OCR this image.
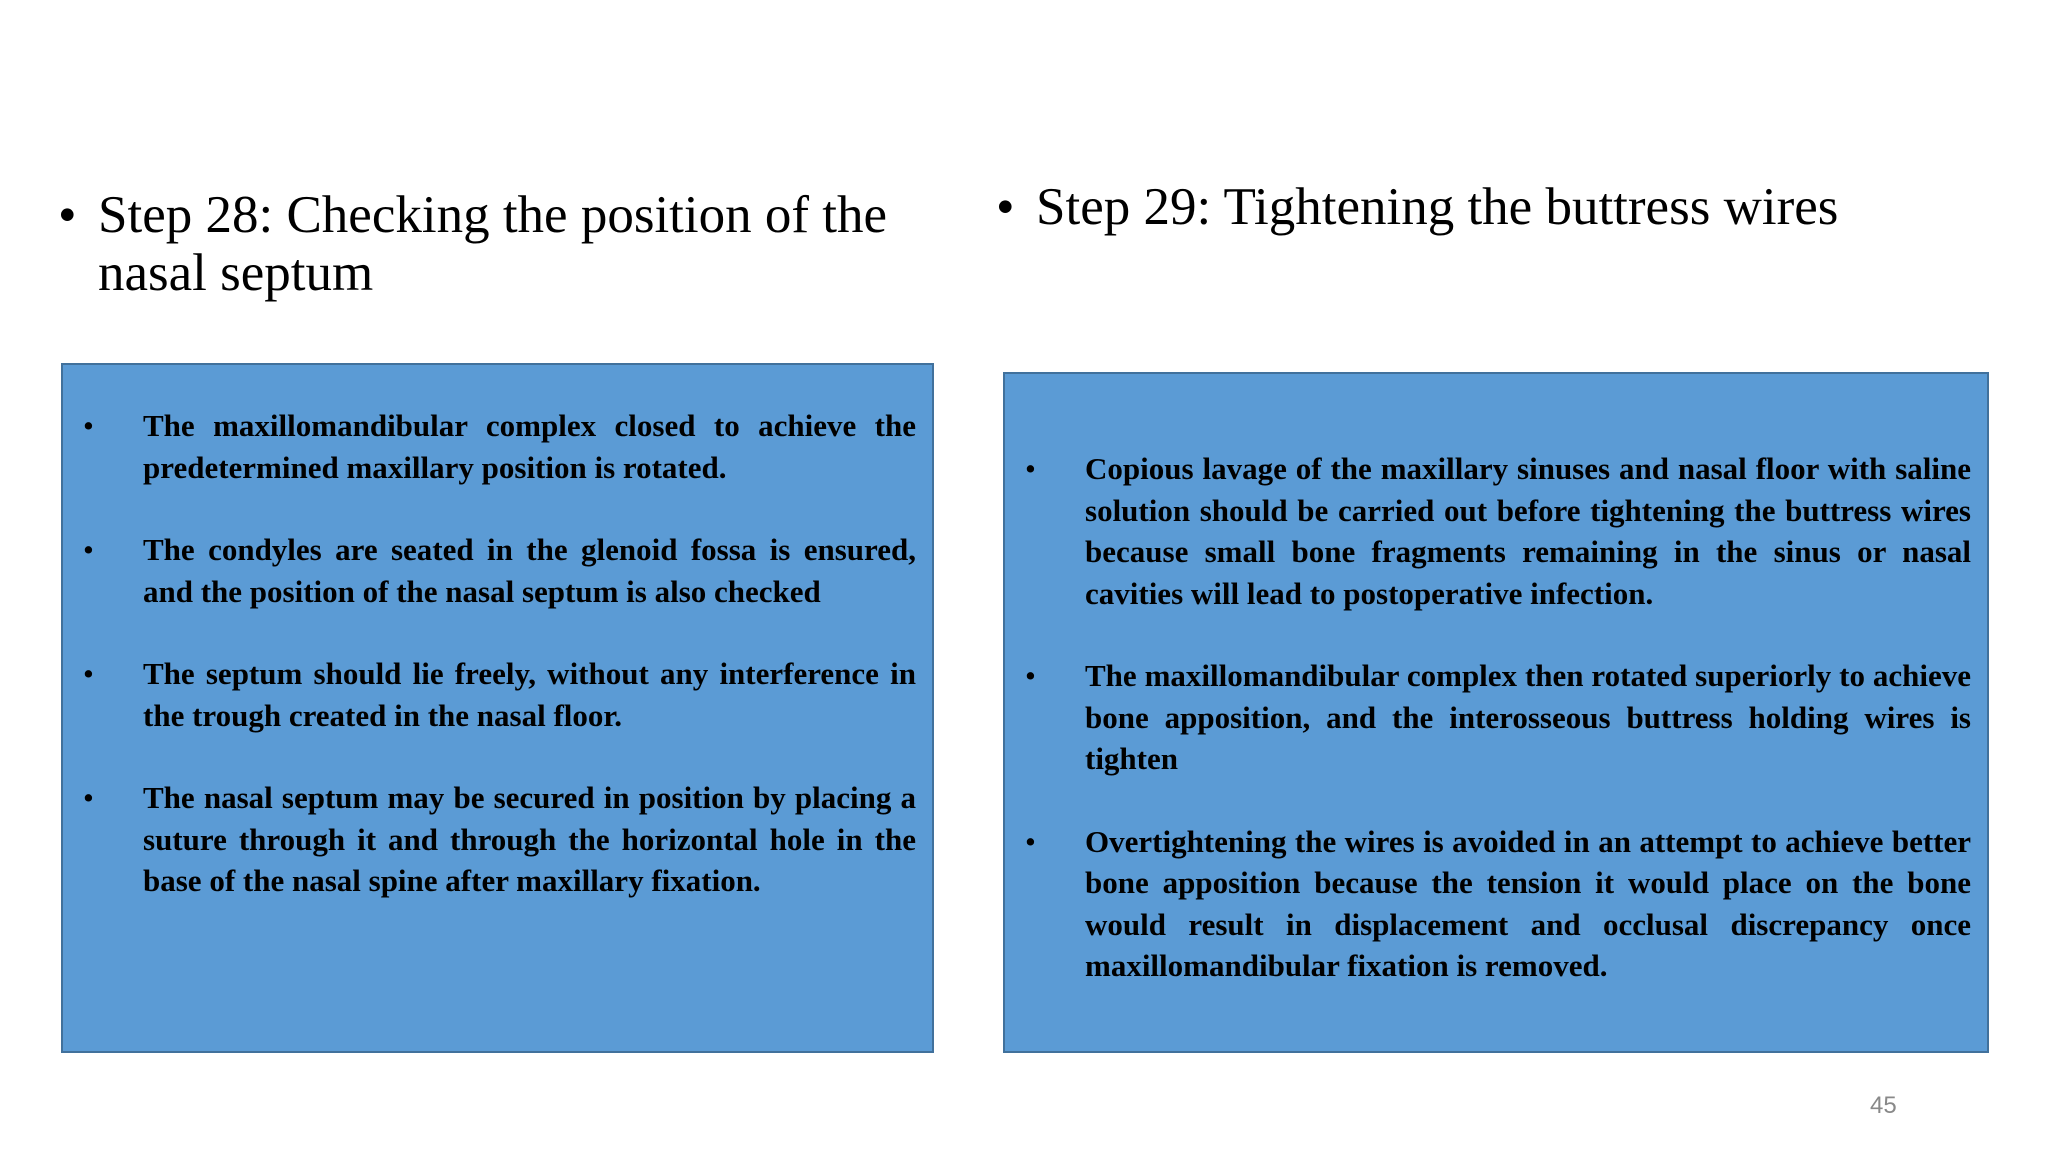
• Step 28: Checking the position of the nasal septum
• Step 29: Tightening the buttress wires
• The maxillomandibular complex closed to achieve the predetermined maxillary position is rotated.
• The condyles are seated in the glenoid fossa is ensured, and the position of the nasal septum is also checked
• The septum should lie freely, without any interference in the trough created in the nasal floor.
• The nasal septum may be secured in position by placing a suture through it and through the horizontal hole in the base of the nasal spine after maxillary fixation.
• Copious lavage of the maxillary sinuses and nasal floor with saline solution should be carried out before tightening the buttress wires because small bone fragments remaining in the sinus or nasal cavities will lead to postoperative infection.
• The maxillomandibular complex then rotated superiorly to achieve bone apposition, and the interosseous buttress holding wires is tighten
• Overtightening the wires is avoided in an attempt to achieve better bone apposition because the tension it would place on the bone would result in displacement and occlusal discrepancy once maxillomandibular fixation is removed.
45
